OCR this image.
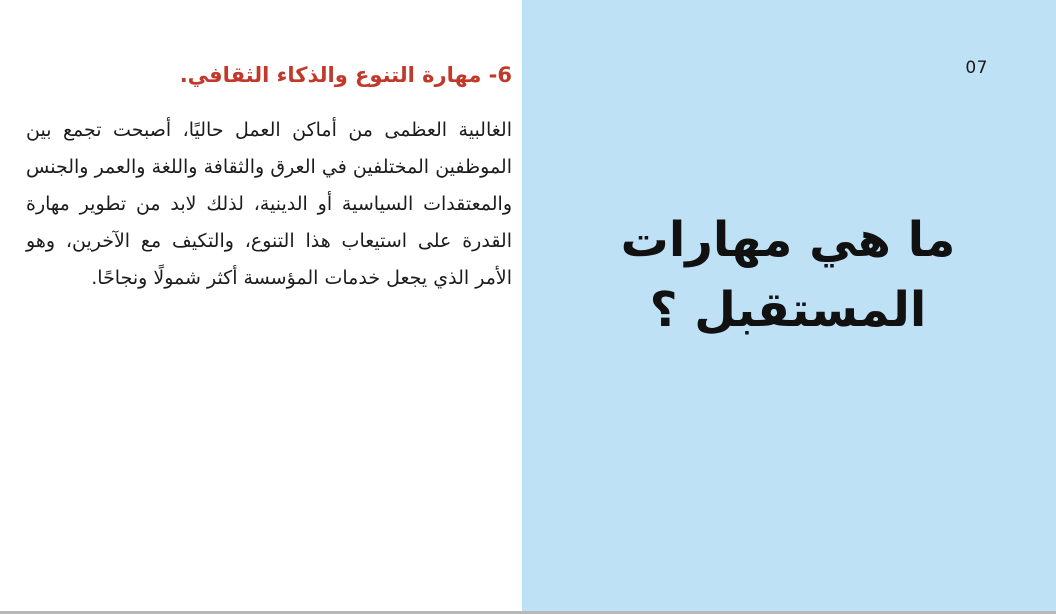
07
ما هي مهارات المستقبل ؟
6- مهارة التنوع والذكاء الثقافي.
الغالبية العظمى من أماكن العمل حاليًا، أصبحت تجمع بين الموظفين المختلفين في العرق والثقافة واللغة والعمر والجنس والمعتقدات السياسية أو الدينية، لذلك لابد من تطوير مهارة القدرة على استيعاب هذا التنوع، والتكيف مع الآخرين، وهو الأمر الذي يجعل خدمات المؤسسة أكثر شمولًا ونجاحًا.
